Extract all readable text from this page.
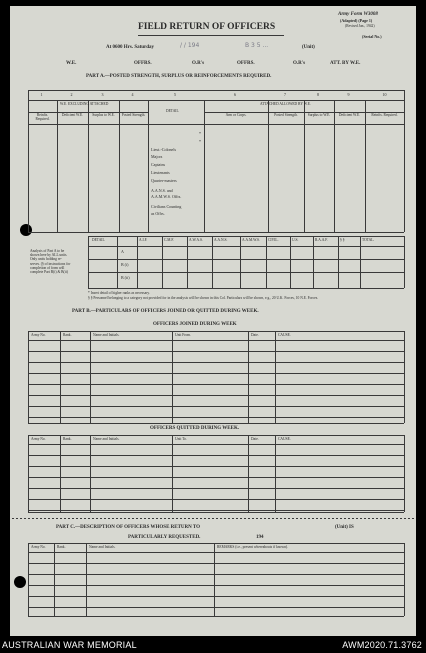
Army Form W3008
(Adapted) (Page 1)
(Revised Jan., 1942)
(Serial No.)
FIELD RETURN OF OFFICERS
At 0600 Hrs. Saturday	/ / 194	B 3 5 ...	(Unit)
W.E.	OFFRS.	O.R's	OFFRS.	O.R's	ATT. BY W.E.
PART A.—POSTED STRENGTH, SURPLUS OR REINFORCEMENTS REQUIRED.
1	2	3	4	5	6	7	8	9	10
W.E. EXCLUDING ATTACHED	ATTACHED ALLOWED BY W.E.
Reinfts. Required.
Deficient W.E.	Surplus to W.E.	Posted Strength.
DETAIL
Arm or Corps.	Posted Strength.	Surplus to W.E.	Deficient W.E.	Reinfts. Required.
Lieut.-Colonels
Majors
Captains
Lieutenants
Quarter-masters
A.A.N.S. and
A.A.M.W.S. Offrs.
Civilians Counting
as Offrs.
*
*
Analysis of Part A to be
shown here by ALL units.
Only units holding re-
serves. (§ of instructions for
completion of form will
complete Part B(i) & B(ii)
DETAIL	A.I.F.	C.M.F.	A.W.A.S.	A.A.N.S.	A.A.M.W.S. CIVIL.	U.S.	R.A.A.F.	§ §	TOTAL.
A
B (i)
B (ii)
* Insert detail of higher ranks as necessary.
§ § Personnel belonging to a category not provided for in the analysis will be shown in this Col. Particulars will be shown, e.g., 20 U.K. Forces, 10 N.E. Forces.
PART B.—PARTICULARS OF OFFICERS JOINED OR QUITTED DURING WEEK.
OFFICERS JOINED DURING WEEK
Army No.	Rank.	Name and Initials.	Unit From.	Date.	CAUSE.
OFFICERS QUITTED DURING WEEK.
Army No.	Rank.	Name and Initials.	Unit To.	Date.	CAUSE.
PART C.—DESCRIPTION OF OFFICERS WHOSE RETURN TO	(Unit) IS
PARTICULARLY REQUESTED.	194
Army No.	Rank.	Name and Initials.	REMARKS (i.e., present whereabouts if known).
AUSTRALIAN WAR MEMORIAL	AWM2020.71.3762
